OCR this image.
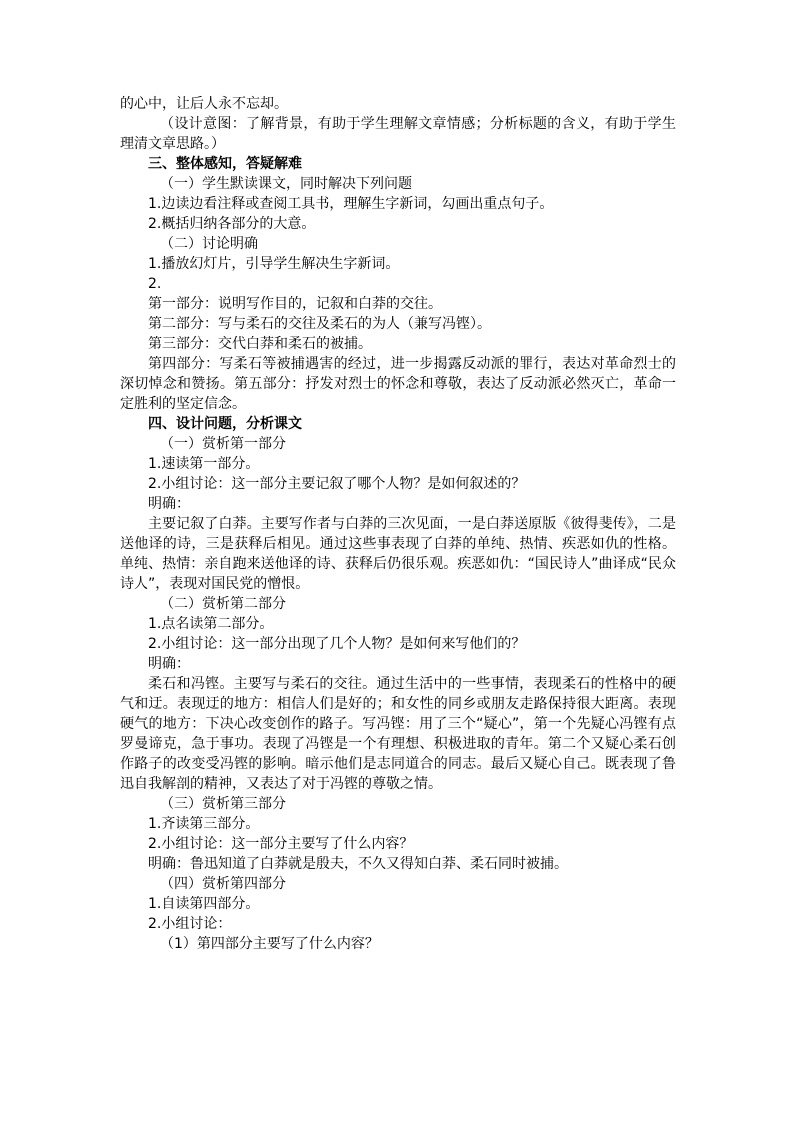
的心中，让后人永不忘却。

（设计意图：了解背景，有助于学生理解文章情感；分析标题的含义，有助于学生理清文章思路。）

三、整体感知，答疑解难

（一）学生默读课文，同时解决下列问题

1.边读边看注释或查阅工具书，理解生字新词，勾画出重点句子。

2.概括归纳各部分的大意。

（二）讨论明确

1.播放幻灯片，引导学生解决生字新词。

2.

第一部分：说明写作目的，记叙和白莽的交往。

第二部分：写与柔石的交往及柔石的为人（兼写冯铿）。

第三部分：交代白莽和柔石的被捕。

第四部分：写柔石等被捕遇害的经过，进一步揭露反动派的罪行，表达对革命烈士的深切悼念和赞扬。第五部分：抒发对烈士的怀念和尊敬，表达了反动派必然灭亡，革命一定胜利的坚定信念。

四、设计问题，分析课文

（一）赏析第一部分

1.速读第一部分。

2.小组讨论：这一部分主要记叙了哪个人物？是如何叙述的？

明确：

主要记叙了白莽。主要写作者与白莽的三次见面，一是白莽送原版《彼得斐传》，二是送他译的诗，三是获释后相见。通过这些事表现了白莽的单纯、热情、疾恶如仇的性格。单纯、热情：亲自跑来送他译的诗、获释后仍很乐观。疾恶如仇：“国民诗人”曲译成“民众诗人”，表现对国民党的憎恨。

（二）赏析第二部分

1.点名读第二部分。

2.小组讨论：这一部分出现了几个人物？是如何来写他们的？

明确：

柔石和冯铿。主要写与柔石的交往。通过生活中的一些事情，表现柔石的性格中的硬气和迂。表现迂的地方：相信人们是好的；和女性的同乡或朋友走路保持很大距离。表现硬气的地方：下决心改变创作的路子。写冯铿：用了三个“疑心”，第一个先疑心冯铿有点罗曼谛克，急于事功。表现了冯铿是一个有理想、积极进取的青年。第二个又疑心柔石创作路子的改变受冯铿的影响。暗示他们是志同道合的同志。最后又疑心自己。既表现了鲁迅自我解剖的精神，又表达了对于冯铿的尊敬之情。

（三）赏析第三部分

1.齐读第三部分。

2.小组讨论：这一部分主要写了什么内容？

明确：鲁迅知道了白莽就是殷夫，不久又得知白莽、柔石同时被捕。

（四）赏析第四部分

1.自读第四部分。

2.小组讨论：

（1）第四部分主要写了什么内容？
